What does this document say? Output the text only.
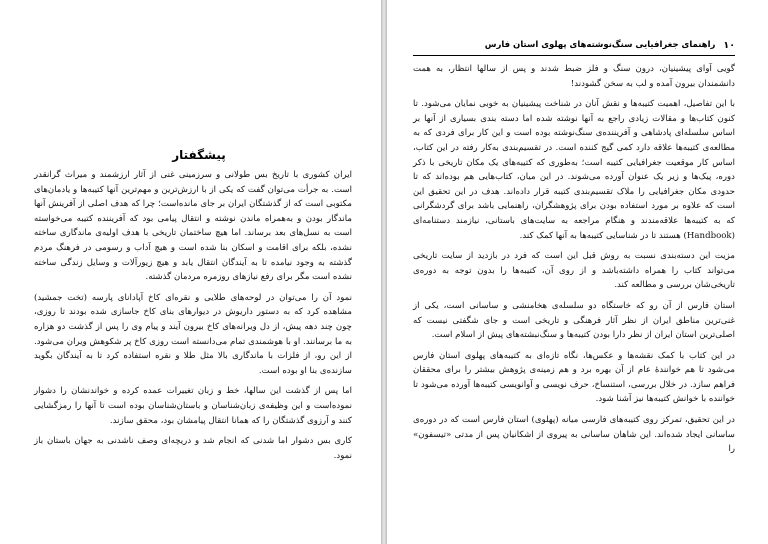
پیشگفتار

ایران کشوری با تاریخ بس طولانی و سرزمینی غنی از آثار ارزشمند و میراث گرانقدر است. به جرأت می‌توان گفت که یکی از با ارزش‌ترین و مهم‌ترین آنها کتیبه‌ها و یادمان‌های مکتوبی است که از گذشتگان ایران بر جای مانده‌است؛ چرا که هدف اصلی از آفرینش آنها ماندگار بودن و به‌همراه ماندن نوشته و انتقال پیامی بود که آفریننده کتیبه می‌خواسته است به نسل‌های بعد برساند. اما هیچ ساختمان تاریخی با هدف اولیه‌ی ماندگاری ساخته نشده، بلکه برای اقامت و اسکان بنا شده است و هیچ آداب و رسومی در فرهنگ مردم گذشته به وجود نیامده تا به آیندگان انتقال یابد و هیچ زیورآلات و وسایل زندگی ساخته نشده است مگر برای رفع نیازهای روزمره مردمان گذشته.

نمود آن را می‌توان در لوحه‌های طلایی و نقره‌ای کاخ آپادانای پارسه (تخت جمشید) مشاهده کرد که به دستور داریوش در دیوارهای بنای کاخ جاسازی شده بودند تا روزی، چون چند دهه پیش، از دل ویرانه‌های کاخ بیرون آیند و پیام وی را پس از گذشت دو هزاره به ما برسانند. او با هوشمندی تمام می‌دانسته است روزی کاخ پر شکوهش ویران می‌شود. از این رو، از فلزات با ماندگاری بالا مثل طلا و نقره استفاده کرد تا به آیندگان بگوید سازنده‌ی بنا او بوده است.

اما پس از گذشت این سالها، خط و زبان تغییرات عمده کرده و خواندنشان را دشوار نموده‌است و این وظیفه‌ی زبان‌شناسان و باستان‌شناسان بوده است تا آنها را رمزگشایی کنند و آرزوی گذشتگان را که همانا انتقال پیامشان بود، محقق سازند.

کاری بس دشوار اما شدنی که انجام شد و دریچه‌ای وصف ناشدنی به جهان باستان باز نمود.

۱۰
راهنمای جغرافیایی سنگ‌نوشته‌های پهلوی استان فارس

گویی آوای پیشینیان، درون سنگ و فلز ضبط شدند و پس از سالها انتظار، به همت دانشمندان بیرون آمده و لب به سخن گشودند!

با این تفاصیل، اهمیت کتیبه‌ها و نقش آنان در شناخت پیشینیان به خوبی نمایان می‌شود. تا کنون کتاب‌ها و مقالات زیادی راجع به آنها نوشته شده اما دسته بندی بسیاری از آنها بر اساس سلسله‌ای پادشاهی و آفریننده‌ی سنگ‌نوشته بوده است و این کار برای فردی که به مطالعه‌ی کتیبه‌ها علاقه دارد کمی گیج کننده است. در تقسیم‌بندی به‌کار رفته در این کتاب، اساس کار موقعیت جغرافیایی کتیبه است؛ به‌طوری که کتیبه‌های یک مکان تاریخی با ذکر دوره، پیک‌ها و زیر یک عنوان آورده می‌شوند. در این میان، کتاب‌هایی هم بوده‌اند که تا حدودی مکان جغرافیایی را ملاک تقسیم‌بندی کتیبه قرار داده‌اند. هدف در این تحقیق این است که علاوه بر مورد استفاده بودن برای پژوهشگران، راهنمایی باشد برای گردشگرانی که به کتیبه‌ها علاقه‌مندند و هنگام مراجعه به سایت‌های باستانی، نیازمند دستنامه‌ای (Handbook) هستند تا در شناسایی کتیبه‌ها به آنها کمک کند.

مزیت این دسته‌بندی نسبت به روش قبل این است که فرد در بازدید از سایت تاریخی می‌تواند کتاب را همراه داشته‌باشد و از روی آن، کتیبه‌ها را بدون توجه به دوره‌ی تاریخی‌شان بررسی و مطالعه کند.

استان فارس از آن رو که خاستگاه دو سلسله‌ی هخامنشی و ساسانی است، یکی از غنی‌ترین مناطق ایران از نظر آثار فرهنگی و تاریخی است و جای شگفتی نیست که اصلی‌ترین استان ایران از نظر دارا بودن کتیبه‌ها و سنگ‌نبشته‌های پیش از اسلام است.

در این کتاب با کمک نقشه‌ها و عکس‌ها، نگاه تازه‌ای به کتیبه‌های پهلوی استان فارس می‌شود تا هم خوانندهٔ عام از آن بهره برد و هم زمینه‌ی پژوهش بیشتر را برای محققان فراهم سازد. در خلال بررسی، استنساخ، حرف نویسی و آوانویسی کتیبه‌ها آورده می‌شود تا خواننده با خوانش کتیبه‌ها نیز آشنا شود.

در این تحقیق، تمرکز روی کتیبه‌های فارسی میانه (پهلوی) استان فارس است که در دوره‌ی ساسانی ایجاد شده‌اند. این شاهان ساسانی به پیروی از اشکانیان پس از مدتی «تیسفون» را
